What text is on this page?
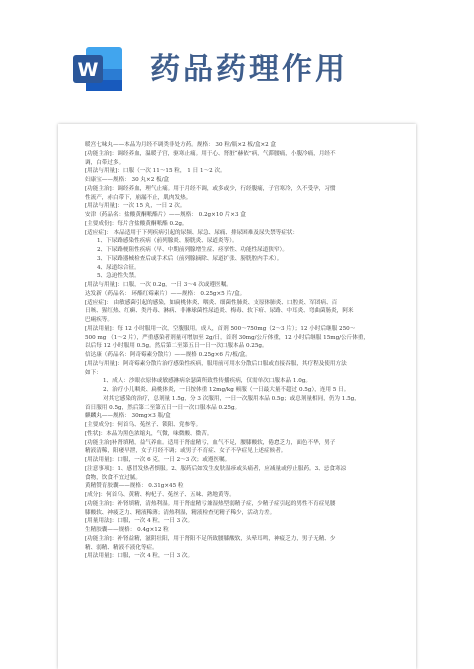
W 药品药理作用
暖宫七味丸——本品为月经不调类非处方药。规格： 30 粒/瓶×2 板/盒×2 盒
[功能主治]：调经养血，温暖子宫，驱寒止痛。用于心、肾脏“赫依”病，气滞腰痛，小腹冷痛，月经不
调，白带过多。
[用法与用量]：口服（一次 11～15 粒， 1 日 1～2 次。
妇康宝——规格： 30 丸×2 板/盒
[功能主治]：调经养血，理气止痛。用于月经不调，或多或少，行经腹痛，子宫寒冷，久不受孕，习惯
性流产，赤白带下，崩漏不止，肌肉发热。
[用法与用量]：一次 15 丸，一日 2 次。
安津（药品名：盐酸黄酮哌酯片）——规格： 0.2g×10 片×3 盒
[主要成份]：每片含盐酸黄酮哌酯 0.2g。
[适应症]： 本品适用于下列疾病引起的尿频、尿急、尿痛、排尿困难及尿失禁等症状：
1、下尿路感染性疾病（前列腺炎、膀胱炎、尿道炎等）。
2、下尿路梗阻性疾病（早、中期前列腺增生症、痉挛性、功能性尿道狭窄）。
3、下尿路器械检查后或手术后（前列腺摘除、尿道扩张、膀胱腔内手术）。
4、尿道综合征。
5、急迫性失禁。
[用法与用量]：口服，一次 0.2g，一日 3～4 次或遵医嘱。
达发新（药品名： 环酯红霉素片）——规格： 0.25g×5 片/盒。
[适应症]： 由敏感菌引起的感染，如扁桃体炎、咽炎、细菌性肺炎、支原体肺炎、口腔炎、军团病、百
日咳、猩红热、红癣、类丹毒、淋病、非淋球菌性尿道炎、梅毒、软下疳、尿路、中耳炎、弯曲菌肠炎，阿米
巴痢疾等。
[用法用量]：每 12 小时服用一次，空腹服用。成人，首剂 500～750mg（2～3 片）；12 小时后继服 250～
500 mg （1～2 片），严重感染者剂量可增加至 2g/日，首剂 30mg/公斤体重，12 小时后继服 15mg/公斤体重，
以后每 12 小时服用 0.5g。然后第二至第五日一日一次口服本品 0.25g。
信达康（药品名：阿奇霉素分散片）——规格 0.25g×6 片/板/盒。
[用法与用量]：阿奇霉素分散片治疗感染性疾病，服用前可用水分散后口服或直接吞服，其疗程及使用方法
如下：
1、成人：沙眼衣原体或敏感淋病奈瑟菌所致性传播疾病，仅需单次口服本品 1.0g。
2、治疗小儿咽炎、扁桃体炎，一日按体重 12mg/kg 顿服（一日最大量不超过 0.5g），连用 5 日。
对其它感染的治疗，总剂量 1.5g，分 3 次服用，一日一次服用本品 0.5g；或总剂量相同，仍为 1.5g，
首日服用 0.5g，然后第二至第五日一日一次口服本品 0.25g。
麒麟丸——规格： 30mg×3 瓶/盒
[主要成分]：何首乌、菟丝子、锁阳、党参等。
[性状]：本品为黑色浓缩丸，气微，味微酸、微苦。
[功能主治]补肾填精，益气养血。适用于肾虚精亏，血气不足，腰膝酸软，倦怠乏力，面色不华，男子
精液清稀，阳痿早泄，女子月经不调；或男子不育症、女子不孕症见上述症候者。
[用法用量]：口服，一次 6 克，一日 2～3 次；或遵医嘱。
[注意事项]：1、感冒发热者慎服。2、服药后如发生皮肤湿疹或头痛者，应减量或停止服药。3、忌食寒凉
食物，饮食不宜过腻。
黄精赞育胶囊——规格： 0.31g×45 粒
[成分]：何首乌、黄精、枸杞子、菟丝子、五味、熟地黄等。
[功能主治]：补肾填精，清热利湿。用于肾虚精亏兼湿热型弱精子症，少精子症引起的男性不育症见腰
膝酸软、神疲乏力、精液稀薄；清热利湿，精液检查见精子稀少，活动力差。
[用量用法]：口服，一次 4 粒，一日 3 次。
生精胶囊——规格： 0.4g×12 粒
[功能主治]：补肾益精，滋阴壮阳，用于肾阳不足所致腰膝酸软，头晕耳鸣，神疲乏力，男子无精、少
精、弱精、精液不液化等症。
[用法用量]：口服，一次 4 粒，一日 3 次。
